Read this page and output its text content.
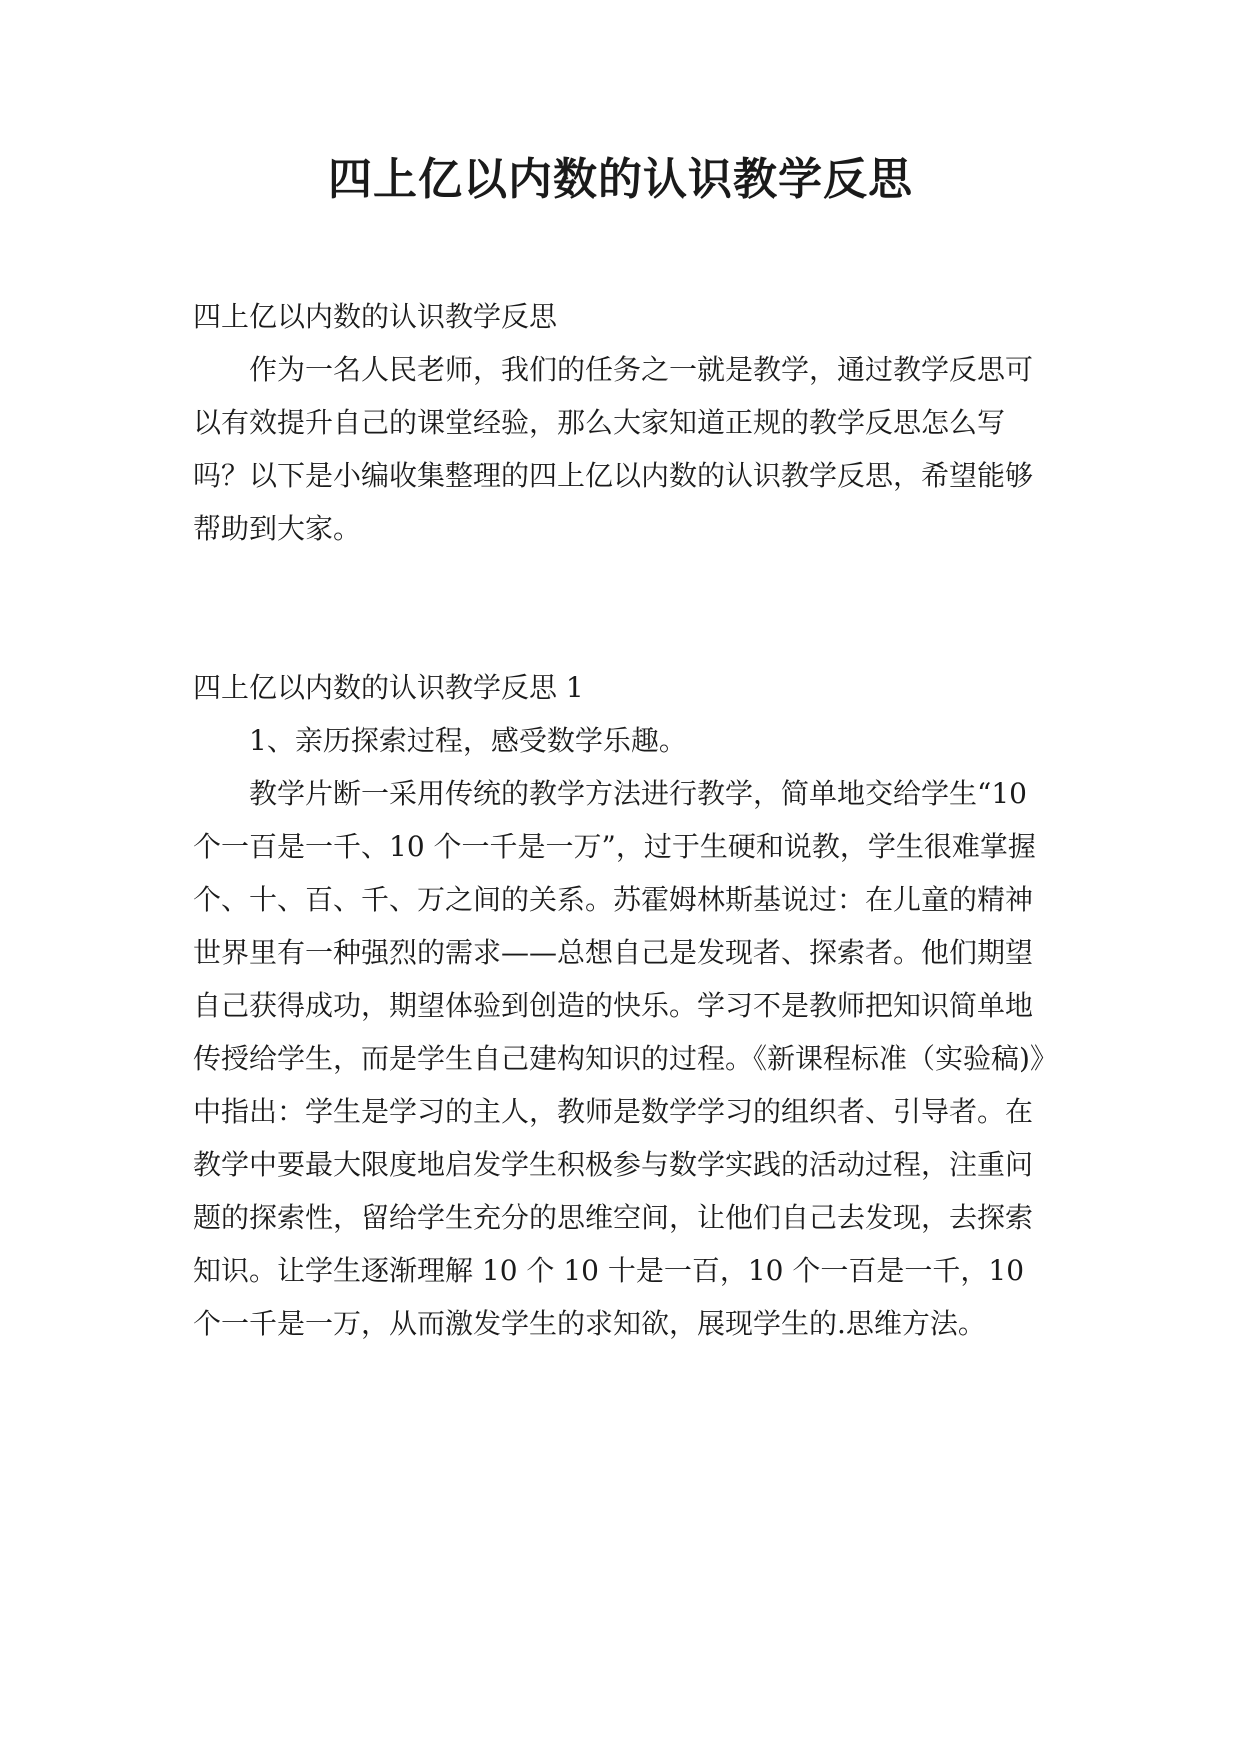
四上亿以内数的认识教学反思

四上亿以内数的认识教学反思

作为一名人民老师，我们的任务之一就是教学，通过教学反思可以有效提升自己的课堂经验，那么大家知道正规的教学反思怎么写吗？以下是小编收集整理的四上亿以内数的认识教学反思，希望能够帮助到大家。

四上亿以内数的认识教学反思 1

1、亲历探索过程，感受数学乐趣。

教学片断一采用传统的教学方法进行教学，简单地交给学生“10 个一百是一千、10 个一千是一万”，过于生硬和说教，学生很难掌握个、十、百、千、万之间的关系。苏霍姆林斯基说过：在儿童的精神世界里有一种强烈的需求——总想自己是发现者、探索者。他们期望自己获得成功，期望体验到创造的快乐。学习不是教师把知识简单地传授给学生，而是学生自己建构知识的过程。《新课程标准（实验稿)》中指出：学生是学习的主人，教师是数学学习的组织者、引导者。在教学中要最大限度地启发学生积极参与数学实践的活动过程，注重问题的探索性，留给学生充分的思维空间，让他们自己去发现，去探索知识。让学生逐渐理解 10 个 10 十是一百，10 个一百是一千，10 个一千是一万，从而激发学生的求知欲，展现学生的.思维方法。
